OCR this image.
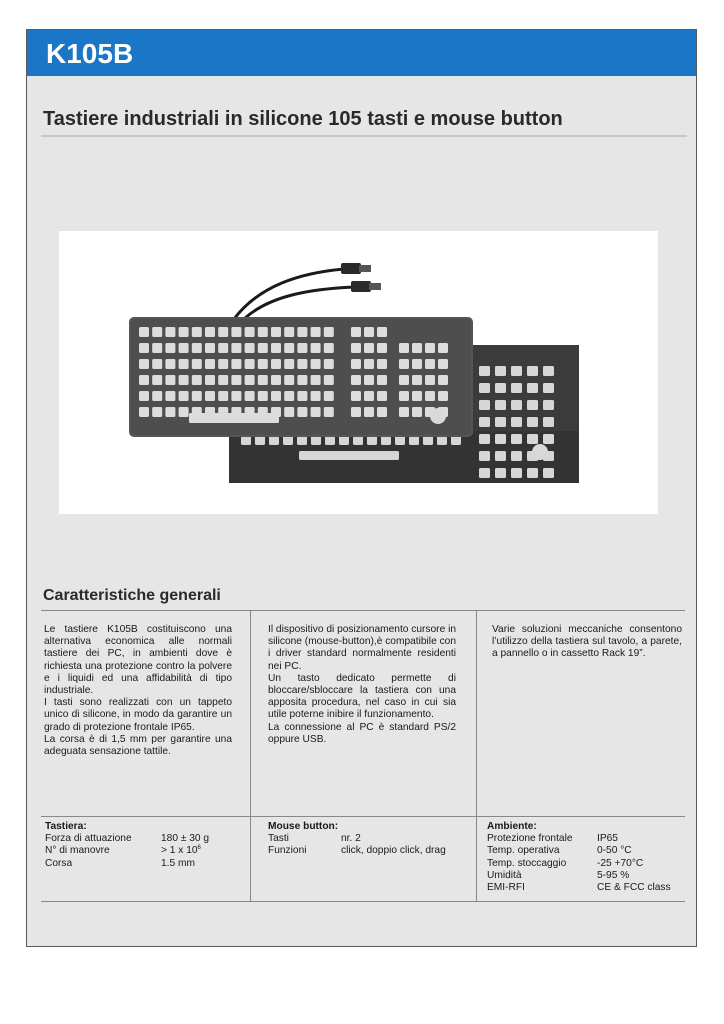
K105B
Tastiere industriali in silicone 105 tasti e mouse button
Caratteristiche generali

Le tastiere K105B costituiscono una alternativa economica alle normali tastiere dei PC, in ambienti dove è richiesta una protezione contro la polvere e i liquidi ed una affidabilità di tipo industriale.

I tasti sono realizzati con un tappeto unico di silicone, in modo da garantire un grado di protezione frontale IP65.

La corsa è di 1,5 mm per garantire una adeguata sensazione tattile.

Il dispositivo di posizionamento cursore in silicone (mouse-button),è compatibile con i driver standard normalmente residenti nei PC.

Un tasto dedicato permette di bloccare/sbloccare la tastiera con una apposita procedura, nel caso in cui sia utile poterne inibire il funzionamento.

La connessione al PC è standard PS/2 oppure USB.

Varie soluzioni meccaniche consentono l’utilizzo della tastiera sul tavolo, a parete, a pannello o in cassetto Rack 19”.

Tastiera:
Forza di attuazione	180 ± 30 g
N° di manovre	> 1 x $10^6$
Corsa	1.5 mm
Mouse button:
Tasti	nr. 2
Funzioni	click, doppio click, drag
Ambiente:
Protezione frontale	IP65
Temp. operativa	0-50 °C
Temp. stoccaggio	-25 +70°C
Umidità	5-95 %
EMI-RFI	CE & FCC class
